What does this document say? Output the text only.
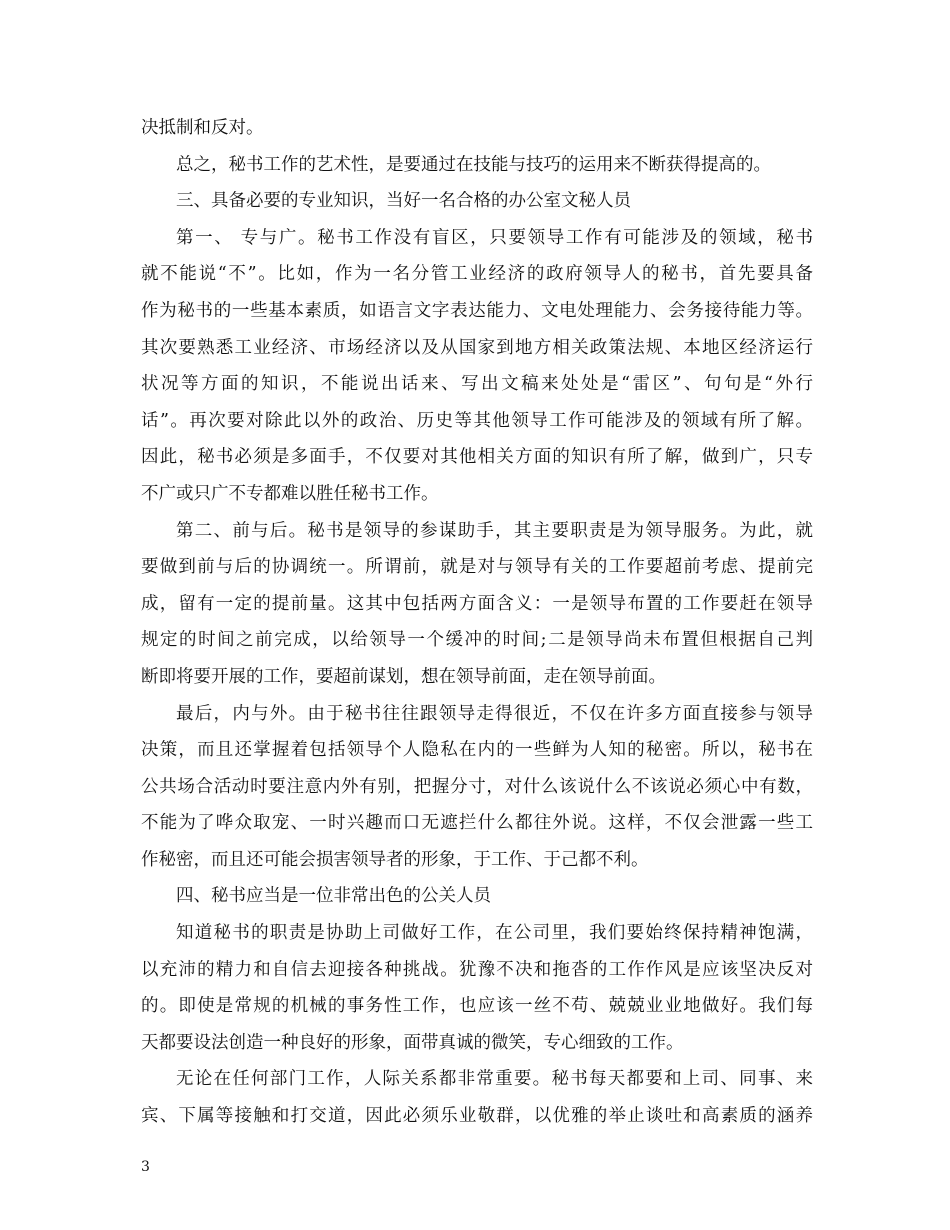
决抵制和反对。
总之，秘书工作的艺术性，是要通过在技能与技巧的运用来不断获得提高的。
三、具备必要的专业知识，当好一名合格的办公室文秘人员
第一、 专与广。秘书工作没有盲区，只要领导工作有可能涉及的领域，秘书
就不能说“不”。比如，作为一名分管工业经济的政府领导人的秘书，首先要具备
作为秘书的一些基本素质，如语言文字表达能力、文电处理能力、会务接待能力等。
其次要熟悉工业经济、市场经济以及从国家到地方相关政策法规、本地区经济运行
状况等方面的知识，不能说出话来、写出文稿来处处是“雷区”、句句是“外行
话”。再次要对除此以外的政治、历史等其他领导工作可能涉及的领域有所了解。
因此，秘书必须是多面手，不仅要对其他相关方面的知识有所了解，做到广，只专
不广或只广不专都难以胜任秘书工作。
第二、前与后。秘书是领导的参谋助手，其主要职责是为领导服务。为此，就
要做到前与后的协调统一。所谓前，就是对与领导有关的工作要超前考虑、提前完
成，留有一定的提前量。这其中包括两方面含义：一是领导布置的工作要赶在领导
规定的时间之前完成，以给领导一个缓冲的时间;二是领导尚未布置但根据自己判
断即将要开展的工作，要超前谋划，想在领导前面，走在领导前面。
最后，内与外。由于秘书往往跟领导走得很近，不仅在许多方面直接参与领导
决策，而且还掌握着包括领导个人隐私在内的一些鲜为人知的秘密。所以，秘书在
公共场合活动时要注意内外有别，把握分寸，对什么该说什么不该说必须心中有数，
不能为了哗众取宠、一时兴趣而口无遮拦什么都往外说。这样，不仅会泄露一些工
作秘密，而且还可能会损害领导者的形象，于工作、于己都不利。
四、秘书应当是一位非常出色的公关人员
知道秘书的职责是协助上司做好工作，在公司里，我们要始终保持精神饱满，
以充沛的精力和自信去迎接各种挑战。犹豫不决和拖沓的工作作风是应该坚决反对
的。即使是常规的机械的事务性工作，也应该一丝不苟、兢兢业业地做好。我们每
天都要设法创造一种良好的形象，面带真诚的微笑，专心细致的工作。
无论在任何部门工作，人际关系都非常重要。秘书每天都要和上司、同事、来
宾、下属等接触和打交道，因此必须乐业敬群，以优雅的举止谈吐和高素质的涵养
3
